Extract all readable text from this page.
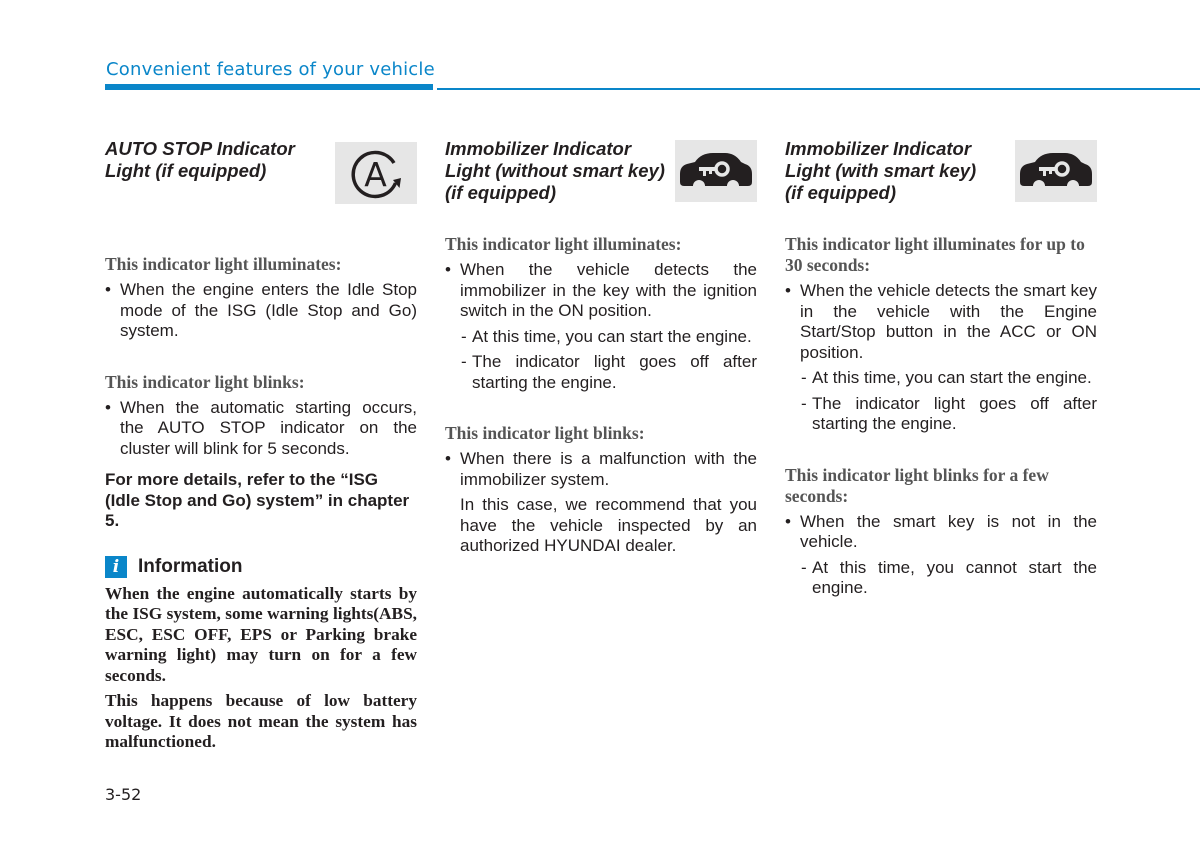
Convenient features of your vehicle
AUTO STOP Indicator
Light (if equipped)	A

This indicator light illuminates:

• When the engine enters the Idle Stop mode of the ISG (Idle Stop and Go) system.

This indicator light blinks:

• When the automatic starting occurs, the AUTO STOP indicator on the cluster will blink for 5 seconds.

For more details, refer to the “ISG (Idle Stop and Go) system” in chapter 5.

i Information

When the engine automatically starts by the ISG system, some warning lights(ABS, ESC, ESC OFF, EPS or Parking brake warning light) may turn on for a few seconds.

This happens because of low battery voltage. It does not mean the system has malfunctioned.

Immobilizer Indicator
Light (without smart key)
(if equipped)

This indicator light illuminates:

• When the vehicle detects the immobilizer in the key with the ignition switch in the ON position.

- At this time, you can start the engine.

- The indicator light goes off after starting the engine.

This indicator light blinks:

• When there is a malfunction with the immobilizer system.

In this case, we recommend that you have the vehicle inspected by an authorized HYUNDAI dealer.

Immobilizer Indicator
Light (with smart key)
(if equipped)

This indicator light illuminates for up to 30 seconds:

• When the vehicle detects the smart key in the vehicle with the Engine Start/Stop button in the ACC or ON position.

- At this time, you can start the engine.

- The indicator light goes off after starting the engine.

This indicator light blinks for a few seconds:

• When the smart key is not in the vehicle.

- At this time, you cannot start the engine.

3-52
